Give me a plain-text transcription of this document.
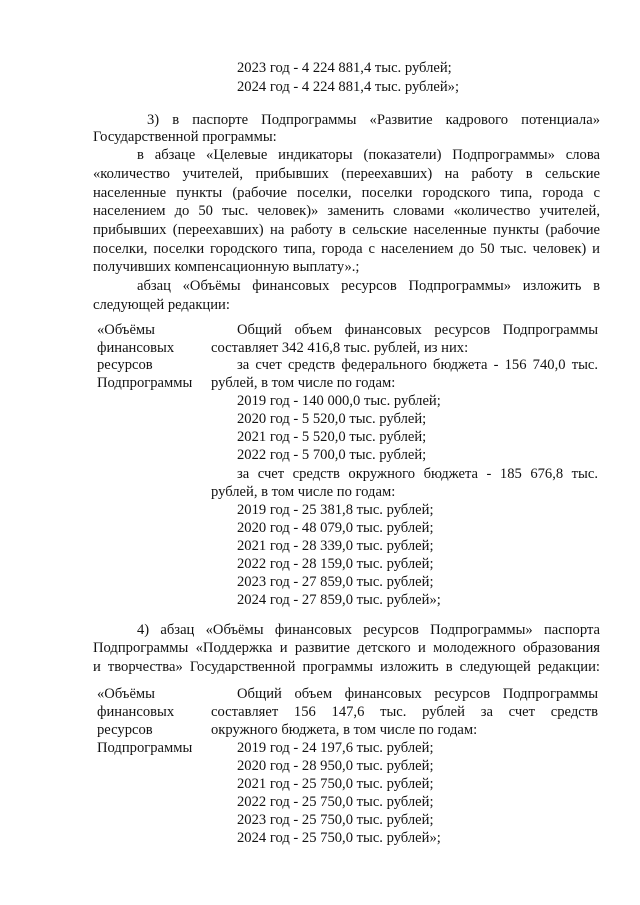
2023 год - 4 224 881,4 тыс. рублей;
2024 год - 4 224 881,4 тыс. рублей»;
3) в паспорте Подпрограммы «Развитие кадрового потенциала»
Государственной программы:
в абзаце «Целевые индикаторы (показатели) Подпрограммы» слова
«количество учителей, прибывших (переехавших) на работу в сельские
населенные пункты (рабочие поселки, поселки городского типа, города с
населением до 50 тыс. человек)» заменить словами «количество учителей,
прибывших (переехавших) на работу в сельские населенные пункты (рабочие
поселки, поселки городского типа, города с населением до 50 тыс. человек) и
получивших компенсационную выплату».;
абзац «Объёмы финансовых ресурсов Подпрограммы» изложить в
следующей редакции:
«Объёмы
финансовых
ресурсов
Подпрограммы
Общий объем финансовых ресурсов Подпрограммы
составляет 342 416,8 тыс. рублей, из них:
за счет средств федерального бюджета - 156 740,0 тыс.
рублей, в том числе по годам:
2019 год - 140 000,0 тыс. рублей;
2020 год - 5 520,0 тыс. рублей;
2021 год - 5 520,0 тыс. рублей;
2022 год - 5 700,0 тыс. рублей;
за счет средств окружного бюджета - 185 676,8 тыс.
рублей, в том числе по годам:
2019 год - 25 381,8 тыс. рублей;
2020 год - 48 079,0 тыс. рублей;
2021 год - 28 339,0 тыс. рублей;
2022 год - 28 159,0 тыс. рублей;
2023 год - 27 859,0 тыс. рублей;
2024 год - 27 859,0 тыс. рублей»;
4) абзац «Объёмы финансовых ресурсов Подпрограммы» паспорта
Подпрограммы «Поддержка и развитие детского и молодежного образования
и творчества» Государственной программы изложить в следующей редакции:
«Объёмы
финансовых
ресурсов
Подпрограммы
Общий объем финансовых ресурсов Подпрограммы
составляет 156 147,6 тыс. рублей за счет средств
окружного бюджета, в том числе по годам:
2019 год - 24 197,6 тыс. рублей;
2020 год - 28 950,0 тыс. рублей;
2021 год - 25 750,0 тыс. рублей;
2022 год - 25 750,0 тыс. рублей;
2023 год - 25 750,0 тыс. рублей;
2024 год - 25 750,0 тыс. рублей»;
